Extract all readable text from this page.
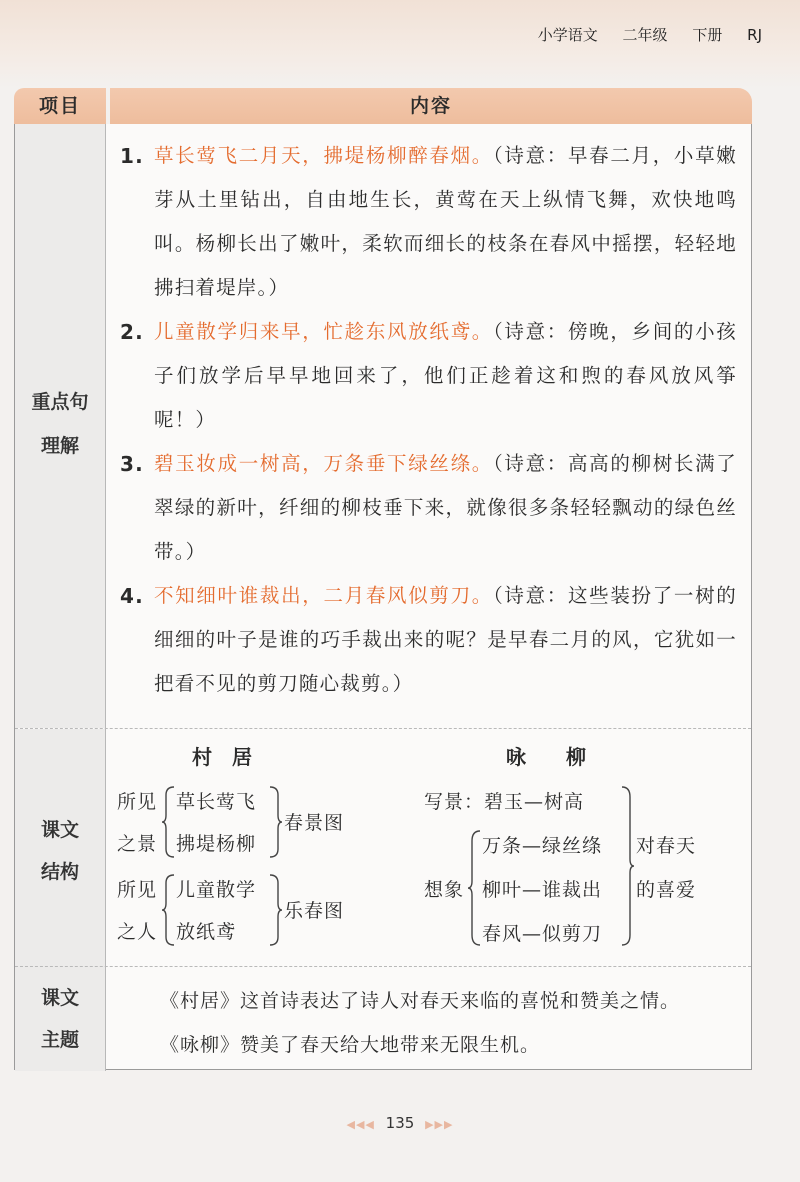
小学语文 二年级 下册 RJ
项目	内容
重点句
理解
1. 草长莺飞二月天，拂堤杨柳醉春烟。（诗意：早春二月，小草嫩芽从土里钻出，自由地生长，黄莺在天上纵情飞舞，欢快地鸣叫。杨柳长出了嫩叶，柔软而细长的枝条在春风中摇摆，轻轻地拂扫着堤岸。）
2. 儿童散学归来早，忙趁东风放纸鸢。（诗意：傍晚，乡间的小孩子们放学后早早地回来了，他们正趁着这和煦的春风放风筝呢！）
3. 碧玉妆成一树高，万条垂下绿丝绦。（诗意：高高的柳树长满了翠绿的新叶，纤细的柳枝垂下来，就像很多条轻轻飘动的绿色丝带。）
4. 不知细叶谁裁出，二月春风似剪刀。（诗意：这些装扮了一树的细细的叶子是谁的巧手裁出来的呢？是早春二月的风，它犹如一把看不见的剪刀随心裁剪。）
课文
结构
村　居
所见
之景
草长莺飞
拂堤杨柳
春景图
所见
之人
儿童散学
放纸鸢
乐春图
咏　　柳
写景：碧玉—树高
想象
万条—绿丝绦
柳叶—谁裁出
春风—似剪刀
对春天
的喜爱
课文
主题
《村居》这首诗表达了诗人对春天来临的喜悦和赞美之情。
《咏柳》赞美了春天给大地带来无限生机。
◀◀◀ 135 ▶▶▶
